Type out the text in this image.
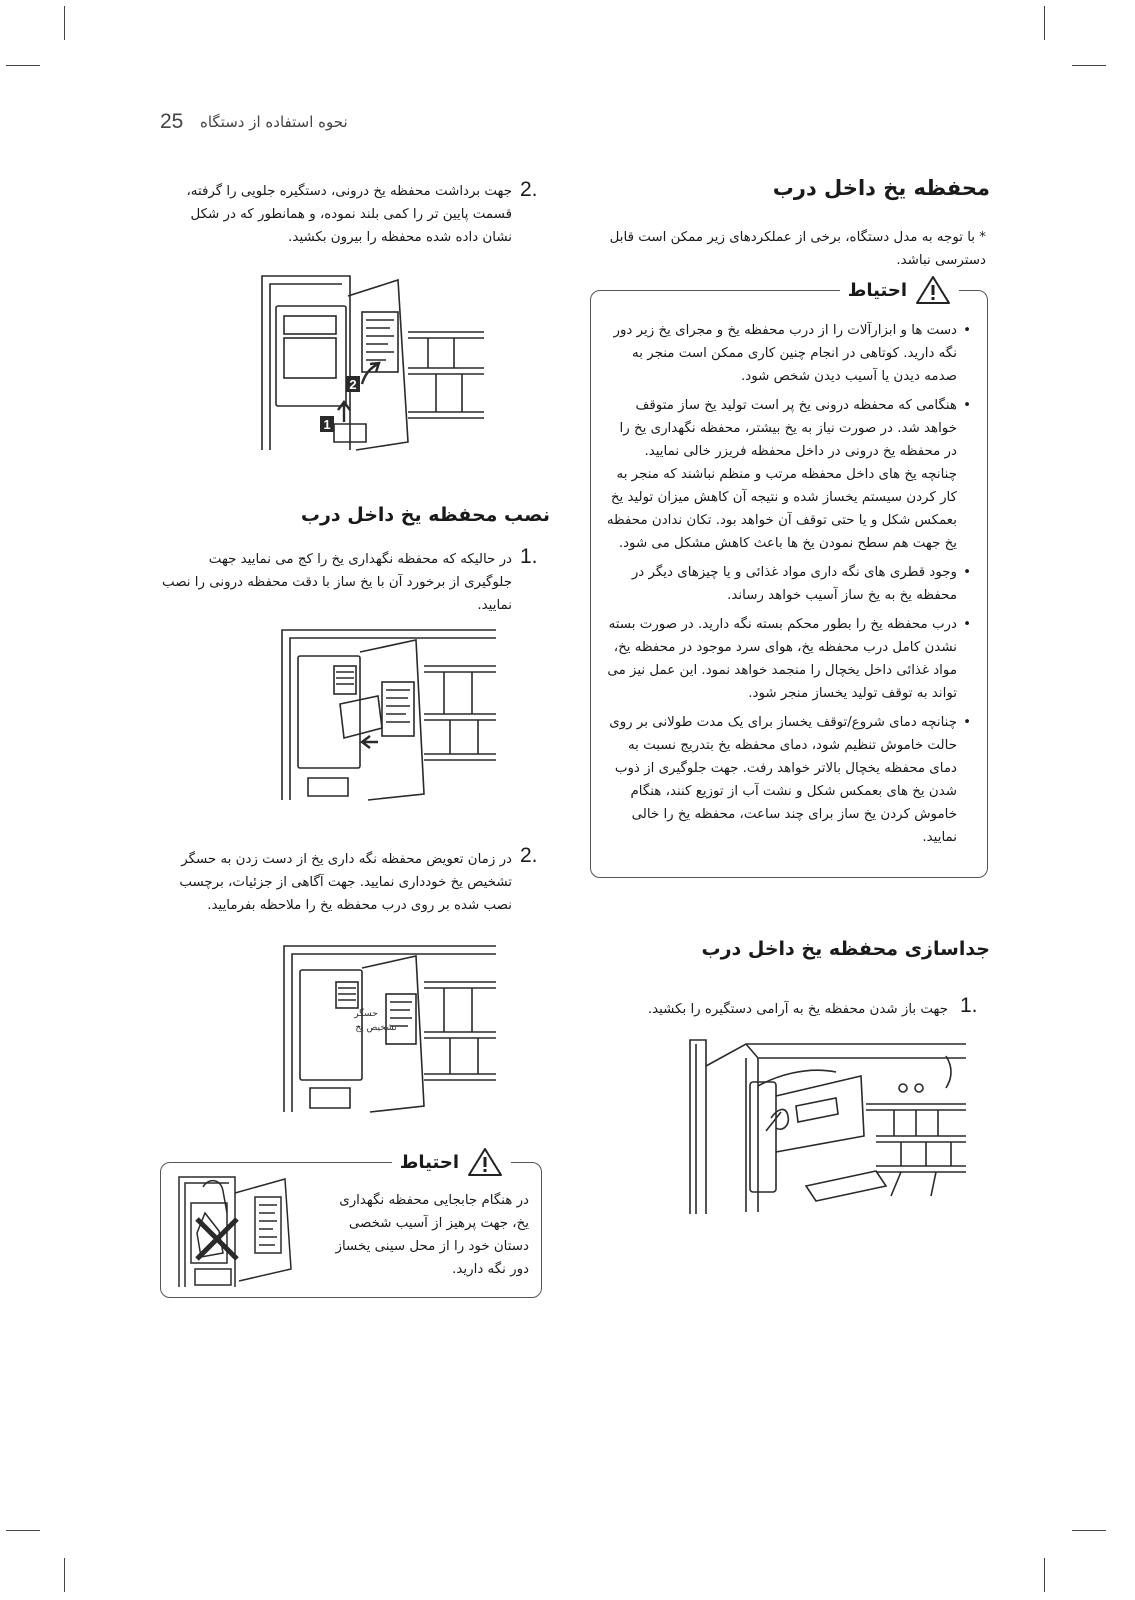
25 نحوه استفاده از دستگاه
محفظه یخ داخل درب
* با توجه به مدل دستگاه، برخی از عملکردهای زیر ممکن است قابل دسترسی نباشد.
احتیاط
• دست ها و ابزارآلات را از درب محفظه یخ و مجرای یخ زیر دور نگه دارید. کوتاهی در انجام چنین کاری ممکن است منجر به صدمه دیدن یا آسیب دیدن شخص شود.
• هنگامی که محفظه درونی یخ پر است تولید یخ ساز متوقف خواهد شد. در صورت نیاز به یخ بیشتر، محفظه نگهداری یخ را در محفظه یخ درونی در داخل محفظه فریزر خالی نمایید. چنانچه یخ های داخل محفظه مرتب و منظم نباشند که منجر به کار کردن سیستم یخساز شده و نتیجه آن کاهش میزان تولید یخ بعمکس شکل و یا حتی توقف آن خواهد بود. تکان ندادن محفظه یخ جهت هم سطح نمودن یخ ها باعث کاهش مشکل می شود.
• وجود قطری های نگه داری مواد غذائی و یا چیزهای دیگر در محفظه یخ به یخ ساز آسیب خواهد رساند.
• درب محفظه یخ را بطور محکم بسته نگه دارید. در صورت بسته نشدن کامل درب محفظه یخ، هوای سرد موجود در محفظه یخ، مواد غذائی داخل یخچال را منجمد خواهد نمود. این عمل نیز می تواند به توقف تولید یخساز منجر شود.
• چنانچه دمای شروع/توقف یخساز برای یک مدت طولانی بر روی حالت خاموش تنظیم شود، دمای محفظه یخ بتدریج نسبت به دمای محفظه یخچال بالاتر خواهد رفت. جهت جلوگیری از ذوب شدن یخ های بعمکس شکل و نشت آب از توزیع کنند، هنگام خاموش کردن یخ ساز برای چند ساعت، محفظه یخ را خالی نمایید.
جداسازی محفظه یخ داخل درب
1.
جهت باز شدن محفظه یخ به آرامی دستگیره را بکشید.
2.
جهت برداشت محفظه یخ درونی، دستگیره جلویی را گرفته، قسمت پایین تر را کمی بلند نموده، و همانطور که در شکل نشان داده شده محفظه را بیرون بکشید.
2
1
نصب محفظه یخ داخل درب
1.
در حالیکه که محفظه نگهداری یخ را کج می نمایید جهت جلوگیری از برخورد آن با یخ ساز با دقت محفظه درونی را نصب نمایید.
2.
در زمان تعویض محفظه نگه داری یخ از دست زدن به حسگر تشخیص یخ خودداری نمایید. جهت آگاهی از جزئیات، برچسب نصب شده بر روی درب محفظه یخ را ملاحظه بفرمایید.
حسگر
تشخیص یخ
احتیاط
در هنگام جابجایی محفظه نگهداری یخ، جهت پرهیز از آسیب شخصی دستان خود را از محل سینی یخساز دور نگه دارید.
